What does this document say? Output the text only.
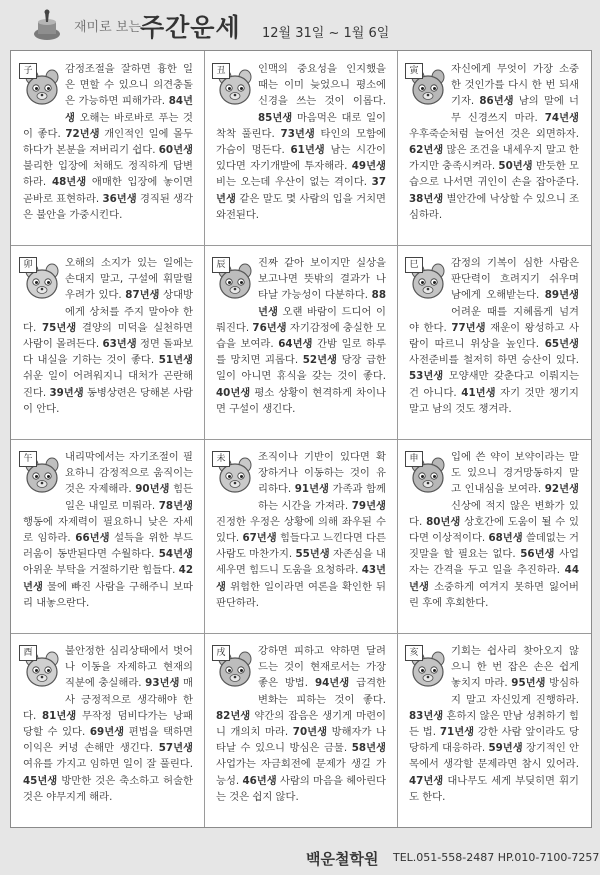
재미로 보는 주간운세 12월 31일 ~ 1월 6일
子	감정조절을 잘하면 흉한 일은 면할 수 있으니 의견충돌은 가능하면 피해가라. 84년생 오해는 바로바로 푸는 것이 좋다. 72년생 개인적인 일에 몰두하다가 본분을 져버리기 쉽다. 60년생 불리한 입장에 처해도 정직하게 답변하라. 48년생 애매한 입장에 놓이면 곧바로 표현하라. 36년생 경직된 생각은 불안을 가중시킨다.
丑	인맥의 중요성을 인지했을 때는 이미 늦었으니 평소에 신경을 쓰는 것이 이롭다. 85년생 마음먹은 대로 일이 착착 풀린다. 73년생 타인의 모함에 가슴이 멍든다. 61년생 남는 시간이 있다면 자기개발에 투자해라. 49년생 비는 오는데 우산이 없는 격이다. 37년생 같은 말도 몇 사람의 입을 거치면 와전된다.
寅	자신에게 무엇이 가장 소중한 것인가를 다시 한 번 되새기자. 86년생 남의 말에 너무 신경쓰지 마라. 74년생 우후죽순처럼 늘어선 것은 외면하자. 62년생 많은 조건을 내세우지 말고 한 가지만 충족시켜라. 50년생 반듯한 모습으로 나서면 귀인이 손을 잡아준다. 38년생 별안간에 낙상할 수 있으니 조심하라.
卯	오해의 소지가 있는 일에는 손대지 말고, 구설에 휘말릴 우려가 있다. 87년생 상대방에게 상처를 주지 말아야 한다. 75년생 결양의 미덕을 실천하면 사람이 몰려든다. 63년생 정면 돌파보다 내실을 기하는 것이 좋다. 51년생 쉬운 일이 어려워지니 대처가 곤란해진다. 39년생 동병상련은 당해본 사람이 안다.
辰	진짜 같아 보이지만 실상을 보고나면 뜻밖의 결과가 나타날 가능성이 다분하다. 88년생 오랜 바람이 드디어 이뤄진다. 76년생 자기감정에 충실한 모습을 보여라. 64년생 간밤 일로 하루를 망치면 괴롭다. 52년생 당장 급한 일이 아니면 휴식을 갖는 것이 좋다. 40년생 평소 상황이 현격하게 차이나면 구설이 생긴다.
巳	감정의 기복이 심한 사람은 판단력이 흐려지기 쉬우며 남에게 오해받는다. 89년생 어려운 때를 지혜롭게 넘겨야 한다. 77년생 재운이 왕성하고 사람이 따르니 위상을 높인다. 65년생 사전준비를 철저히 하면 승산이 있다. 53년생 모양새만 갖춘다고 이뤄지는 건 아니다. 41년생 자기 것만 챙기지 말고 남의 것도 챙겨라.
午	내리막에서는 자기조절이 필요하니 감정적으로 움직이는 것은 자제해라. 90년생 힘든 일은 내일로 미뤄라. 78년생 행동에 자제력이 필요하니 낮은 자세로 임하라. 66년생 설득을 위한 부드러움이 동반된다면 수월하다. 54년생 아위운 부탁을 거절하기란 힘들다. 42년생 물에 빠진 사람을 구해주니 보따리 내놓으란다.
未	조직이나 기반이 있다면 확장하거나 이동하는 것이 유리하다. 91년생 가족과 함께하는 시간을 가져라. 79년생 진정한 우정은 상황에 의해 좌우된 수 있다. 67년생 힘들다고 느낀다면 다른 사람도 마찬가지. 55년생 자존심을 내세우면 힘드니 도움을 요청하라. 43년생 위험한 일이라면 여론을 확인한 뒤 판단하라.
申	입에 쓴 약이 보약이라는 말도 있으니 경거망동하지 말고 인내심을 보여라. 92년생 신상에 적지 않은 변화가 있다. 80년생 상호간에 도움이 될 수 있다면 이상적이다. 68년생 쓸데없는 거짓말을 할 필요는 없다. 56년생 사업자는 간격을 두고 일을 추진하라. 44년생 소중하게 여겨지 못하면 잃어버린 후에 후회한다.
酉	불안정한 심리상태에서 벗어나 이동을 자제하고 현재의 직분에 충실해라. 93년생 매사 긍정적으로 생각해야 한다. 81년생 무작정 덤비다가는 낭패 당할 수 있다. 69년생 편법을 택하면 이익은 커녕 손해만 생긴다. 57년생 여유를 가지고 임하면 일이 잘 풀린다. 45년생 방만한 것은 축소하고 허술한 것은 야무지게 해라.
戌	강하면 피하고 약하면 달려드는 것이 현재로서는 가장 좋은 방법. 94년생 급격한 변화는 피하는 것이 좋다. 82년생 약간의 잡음은 생기게 마련이니 개의치 마라. 70년생 방해자가 나타날 수 있으니 방심은 금물. 58년생 사업가는 자금회전에 문제가 생길 가능성. 46년생 사람의 마음을 헤아린다는 것은 쉽지 않다.
亥	기회는 쉽사리 찾아오지 않으니 한 번 잡은 손은 쉽게 놓치지 마라. 95년생 방심하지 말고 자신있게 진행하라. 83년생 흔하지 않은 만남 성취하기 힘든 법. 71년생 강한 사람 앞이라도 당당하게 대응하라. 59년생 장기적인 안목에서 생각할 문제라면 참시 있어라. 47년생 대나무도 세게 부딪히면 휘기도 한다.
백운철학원 TEL.051-558-2487 HP.010-7100-7257
